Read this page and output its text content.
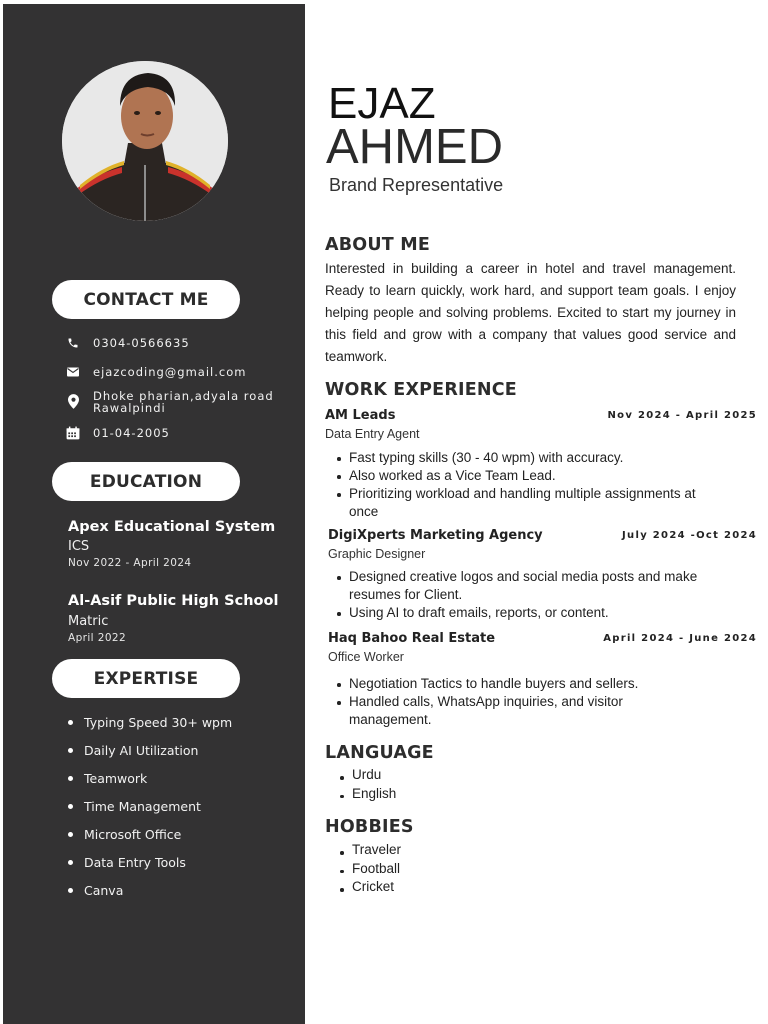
CONTACT ME
0304-0566635
ejazcoding@gmail.com
Dhoke pharian,adyala road
Rawalpindi
01-04-2005
EDUCATION
Apex Educational System
ICS
Nov 2022 - April 2024
Al-Asif Public High School
Matric
April 2022
EXPERTISE
Typing Speed 30+ wpm
Daily AI Utilization
Teamwork
Time Management
Microsoft Office
Data Entry Tools
Canva
EJAZ
AHMED
Brand Representative
ABOUT ME
Interested in building a career in hotel and travel management. Ready to learn quickly, work hard, and support team goals. I enjoy helping people and solving problems. Excited to start my journey in this field and grow with a company that values good service and teamwork.
WORK EXPERIENCE
AM Leads	Nov 2024 - April 2025
Data Entry Agent
Fast typing skills (30 - 40 wpm) with accuracy.
Also worked as a Vice Team Lead.
Prioritizing workload and handling multiple assignments at once
DigiXperts Marketing Agency	July 2024 -Oct 2024
Graphic Designer
Designed creative logos and social media posts and make resumes for Client.
Using AI to draft emails, reports, or content.
Haq Bahoo Real Estate	April 2024 - June 2024
Office Worker
Negotiation Tactics to handle buyers and sellers.
Handled calls, WhatsApp inquiries, and visitor management.
LANGUAGE
Urdu
English
HOBBIES
Traveler
Football
Cricket
